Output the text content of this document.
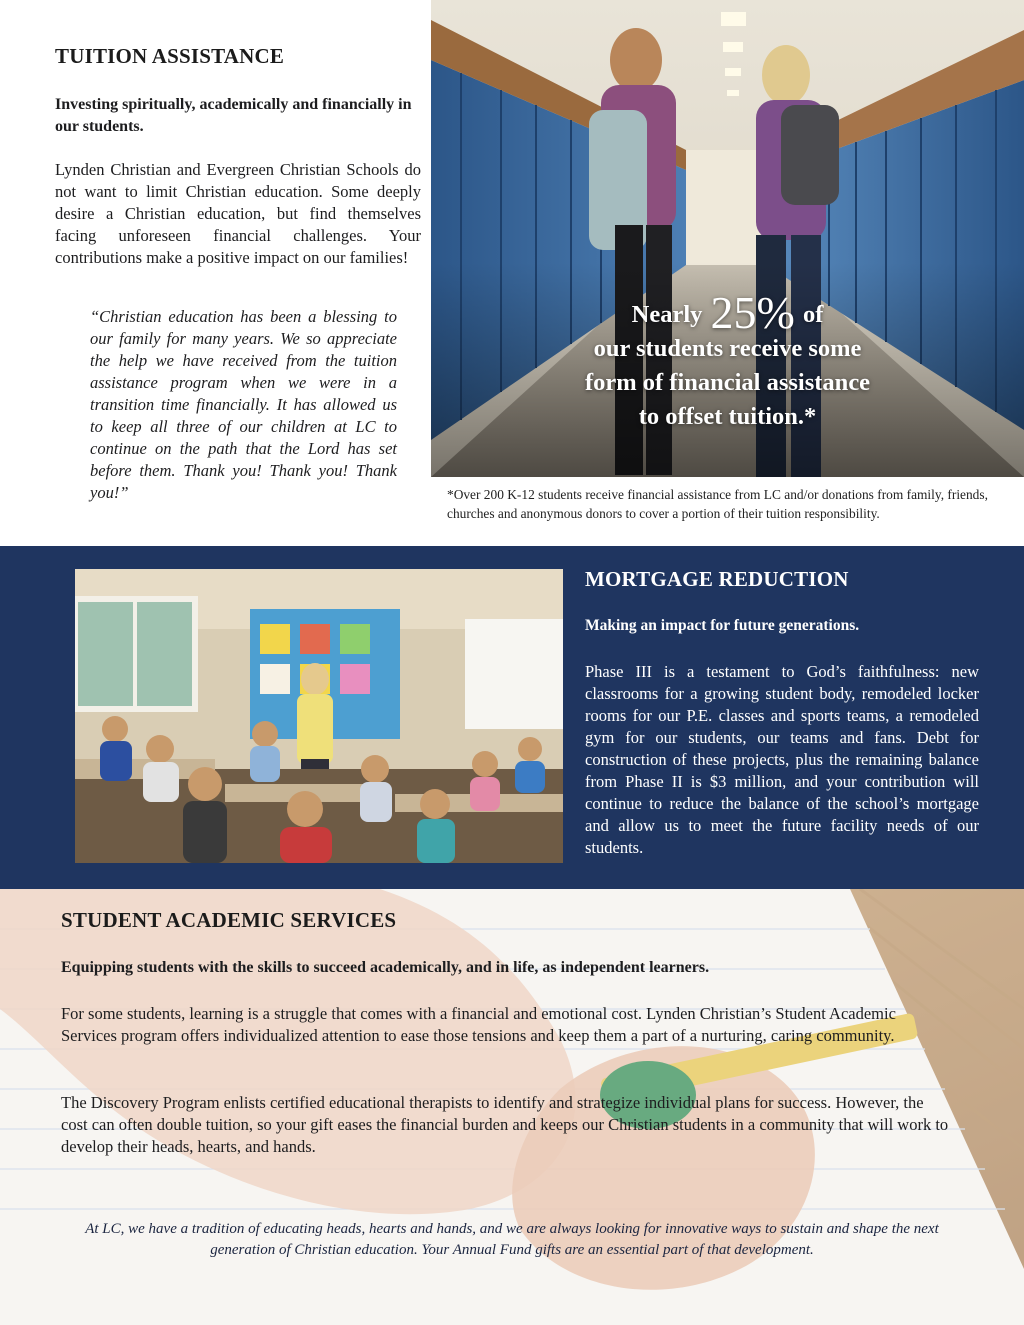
TUITION ASSISTANCE

Investing spiritually, academically and financially in our students.

Lynden Christian and Evergreen Christian Schools do not want to limit Christian education. Some deeply desire a Christian education, but find themselves facing unforeseen financial challenges. Your contributions make a positive impact on our families!

“Christian education has been a blessing to our family for many years. We so appreciate the help we have received from the tuition assistance program when we were in a transition time financially. It has allowed us to keep all three of our children at LC to continue on the path that the Lord has set before them. Thank you! Thank you! Thank you!”

Nearly 25% of
our students receive some
form of financial assistance
to offset tuition.*

*Over 200 K-12 students receive financial assistance from LC and/or donations from family, friends, churches and anonymous donors to cover a portion of their tuition responsibility.

MORTGAGE REDUCTION

Making an impact for future generations.

Phase III is a testament to God’s faithfulness: new classrooms for a growing student body, remodeled locker rooms for our P.E. classes and sports teams, a remodeled gym for our students, our teams and fans. Debt for construction of these projects, plus the remaining balance from Phase II is $3 million, and your contribution will continue to reduce the balance of the school’s mortgage and allow us to meet the future facility needs of our students.

STUDENT ACADEMIC SERVICES

Equipping students with the skills to succeed academically, and in life, as independent learners.

For some students, learning is a struggle that comes with a financial and emotional cost. Lynden Christian’s Student Academic Services program offers individualized attention to ease those tensions and keep them a part of a nurturing, caring community.

The Discovery Program enlists certified educational therapists to identify and strategize individual plans for success. However, the cost can often double tuition, so your gift eases the financial burden and keeps our Christian students in a community that will work to develop their heads, hearts, and hands.

At LC, we have a tradition of educating heads, hearts and hands, and we are always looking for innovative ways to sustain and shape the next generation of Christian education. Your Annual Fund gifts are an essential part of that development.
